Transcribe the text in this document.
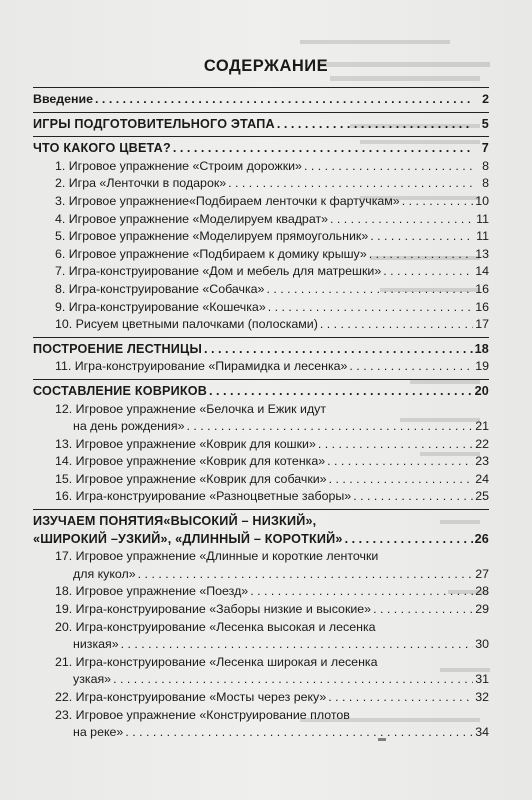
СОДЕРЖАНИЕ
Введение . . .	2
ИГРЫ ПОДГОТОВИТЕЛЬНОГО ЭТАПА . . .	5
ЧТО КАКОГО ЦВЕТА? . . .	7
1. Игровое упражнение «Строим дорожки» . . .	8
2. Игра «Ленточки в подарок» . . .	8
3. Игровое упражнение«Подбираем ленточки к фартучкам» . . .	10
4. Игровое упражнение «Моделируем квадрат» . . .	11
5. Игровое упражнение «Моделируем прямоугольник» . . .	11
6. Игровое упражнение «Подбираем к домику крышу» . . .	13
7. Игра-конструирование «Дом и мебель для матрешки» . . .	14
8. Игра-конструирование «Собачка» . . .	16
9. Игра-конструирование «Кошечка» . . .	16
10. Рисуем цветными палочками (полосками) . . .	17
ПОСТРОЕНИЕ ЛЕСТНИЦЫ . . .	18
11. Игра-конструирование «Пирамидка и лесенка» . . .	19
СОСТАВЛЕНИЕ КОВРИКОВ . . .	20
12. Игровое упражнение «Белочка и Ежик идут
на день рождения» . . .	21
13. Игровое упражнение «Коврик для кошки» . . .	22
14. Игровое упражнение «Коврик для котенка» . . .	23
15. Игровое упражнение «Коврик для собачки» . . .	24
16. Игра-конструирование «Разноцветные заборы» . . .	25
ИЗУЧАЕМ ПОНЯТИЯ«ВЫСОКИЙ – НИЗКИЙ»,
«ШИРОКИЙ –УЗКИЙ», «ДЛИННЫЙ – КОРОТКИЙ» . . .	26
17. Игровое упражнение «Длинные и короткие ленточки
для кукол» . . .	27
18. Игровое упражнение «Поезд» . . .	28
19. Игра-конструирование «Заборы низкие и высокие» . . .	29
20. Игра-конструирование «Лесенка высокая и лесенка
низкая» . . .	30
21. Игра-конструирование «Лесенка широкая и лесенка
узкая» . . .	31
22. Игра-конструирование «Мосты через реку» . . .	32
23. Игровое упражнение «Конструирование плотов
на реке» . . .	34
